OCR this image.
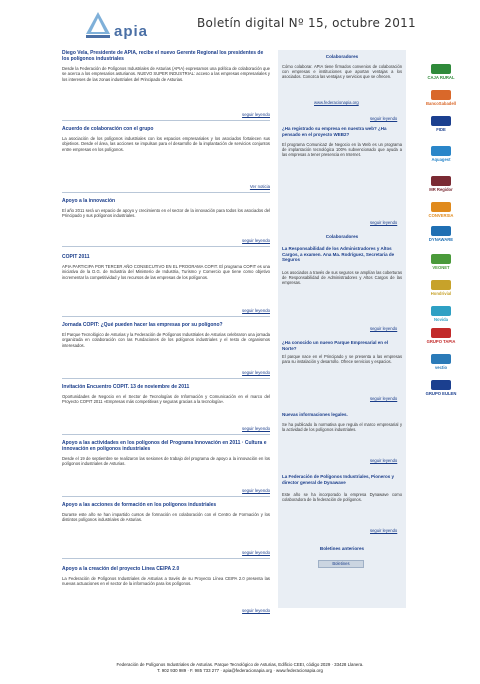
apia	Boletín digital Nº 15, octubre 2011
Diego Vela, Presidente de APIA, recibe el nuevo Gerente Regional los presidentes de los polígonos industriales
Desde la Federación de Polígonos Industriales de Asturias (APIA) expresamos una política de colaboración que se acerca a los empresarios asturianos. NUEVO SUPER INDUSTRIAL: acceso a las empresas empresariales y los intereses de las zonas industriales del Principado de Asturias.
seguir leyendo
Acuerdo de colaboración con el grupo
La asociación de los polígonos industriales con los espacios empresariales y los asociados fortalecen sus objetivos. Desde el área, las acciones se impulsan para el desarrollo de la implantación de servicios conjuntos entre empresas en los polígonos.
Ver noticia
Apoyo a la innovación
El año 2011 será un espacio de apoyo y crecimiento en el sector de la innovación para todos los asociados del Principado y sus polígonos industriales.
seguir leyendo
COPIT 2011
APIA PARTICIPA POR TERCER AÑO CONSECUTIVO EN EL PROGRAMA COPIT. El programa COPIT es una iniciativa de la D.G. de Industria del Ministerio de Industria, Turismo y Comercio que tiene como objetivo incrementar la competitividad y los recursos de las empresas de los polígonos.
seguir leyendo
Jornada COPIT: ¿Qué pueden hacer las empresas por su polígono?
El Parque Tecnológico de Asturias y la Federación de Polígonos Industriales de Asturias celebraron una jornada organizada en colaboración con las Fundaciones de los polígonos industriales y el resto de organismos interesados.
seguir leyendo
Invitación Encuentro COPIT. 13 de noviembre de 2011
Oportunidades de Negocio en el Sector de Tecnologías de Información y Comunicación en el marco del Proyecto COPIT 2011 «Empresas más competitivas y seguras gracias a la tecnología».
seguir leyendo
Apoyo a las actividades en los polígonos del Programa Innovación en 2011 · Cultura e innovación en polígonos industriales
Desde el 19 de septiembre se realizaron las sesiones de trabajo del programa de apoyo a la innovación en los polígonos industriales de Asturias.
seguir leyendo
Apoyo a las acciones de formación en los polígonos industriales
Durante este año se han impartido cursos de formación en colaboración con el Centro de Formación y los distintos polígonos industriales de Asturias.
seguir leyendo
Apoyo a la creación del proyecto Línea CEIPA 2.0
La Federación de Polígonos Industriales de Asturias a través de su Proyecto Línea CEIPA 2.0 presenta las nuevas actuaciones en el sector de la información para los polígonos.
seguir leyendo
Colaboradores
Cómo colaborar. APIA tiene firmados convenios de colaboración con empresas e instituciones que aportan ventajas a los asociados. Conozca las ventajas y servicios que se ofrecen.
www.federacionapia.org
seguir leyendo
¿Ha registrado su empresa en nuestra web? ¿Ha pensado en el proyecto WEB2?
El programa Comunica2 de Negocio en la Web es un programa de implantación tecnológica 100% subvencionado que ayuda a las empresas a tener presencia en Internet.
seguir leyendo
Colaboradores
La Responsabilidad de los Administradores y Altos Cargos, a examen. Ana Ma. Rodríguez, Secretaria de Seguros
Los asociados a través de sus seguros se amplían las coberturas de Responsabilidad de Administradores y Altos Cargos de las empresas.
seguir leyendo
¿Ha conocido un nuevo Parque Empresarial en el Norte?
El parque nace en el Principado y se presenta a las empresas para su instalación y desarrollo. Ofrece servicios y espacios.
seguir leyendo
Nuevas informaciones legales.
Se ha publicado la normativa que regula el marco empresarial y la actividad de los polígonos industriales.
seguir leyendo
La Federación de Polígonos Industriales, Pioneros y director general de Dynawave
Este año se ha incorporado la empresa Dynawave como colaboradora de la federación de polígonos.
seguir leyendo
Boletines anteriores
Boletines
CAJA RURAL
BancoSabadell
FIDE
Aquagest
MR Regidor
CONVERSIA
DYNAWARE
VEONET
Hondrivial
Novida
GRUPO TAPIA
vectio
GRUPO EULEN
Federación de Polígonos Industriales de Asturias. Parque Tecnológico de Asturias, Edificio CEEI, código 2029 · 33428 Llanera.
T. 902 930 989 · F. 985 733 277 · apia@federacionapia.org · www.federacionapia.org
